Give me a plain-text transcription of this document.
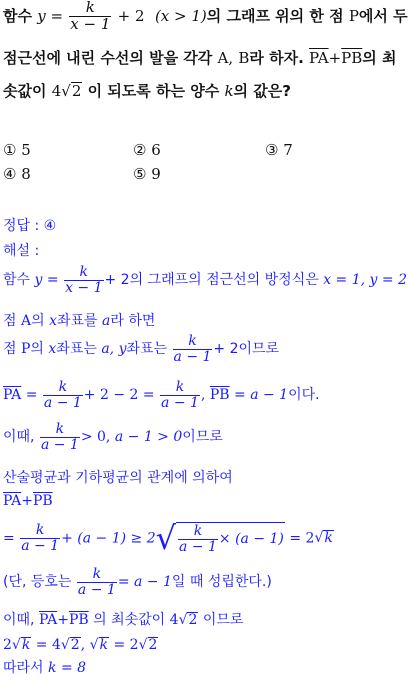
함수 $y = \frac{k}{x - 1} + 2$ (x > 1)의 그래프 위의 한 점 P에서 두
점근선에 내린 수선의 발을 각각 A, B라 하자. $\overline{PA}+\overline{PB}$의 최
솟값이 4√2 이 되도록 하는 양수 k의 값은?
① 5	② 6	③ 7
④ 8	⑤ 9
정답 : ④
해설 :
함수 $y = \frac{k}{x - 1} + 2$의 그래프의 점근선의 방정식은 x = 1, y = 2
점 A의 x좌표를 a라 하면
점 P의 x좌표는 a, y좌표는 $\frac{k}{a - 1} + 2$이므로
$\overline{PA} = \frac{k}{a - 1} + 2 - 2 = \frac{k}{a - 1}$ , $\overline{PB} = a - 1$이다.
이때, $\frac{k}{a - 1} > 0$, a − 1 > 0이므로
산술평균과 기하평균의 관계에 의하여
$\overline{PA}+\overline{PB}$
= $\frac{k}{a - 1} + (a - 1) \ge 2√ \frac{k}{a - 1} \times (a - 1) = 2√k$
(단, 등호는 $\frac{k}{a - 1} = a - 1$일 때 성립한다.)
이때, $\overline{PA}+\overline{PB}$ 의 최솟값이 4√2 이므로
2√k = 4√2, √k = 2√2
따라서 k = 8
